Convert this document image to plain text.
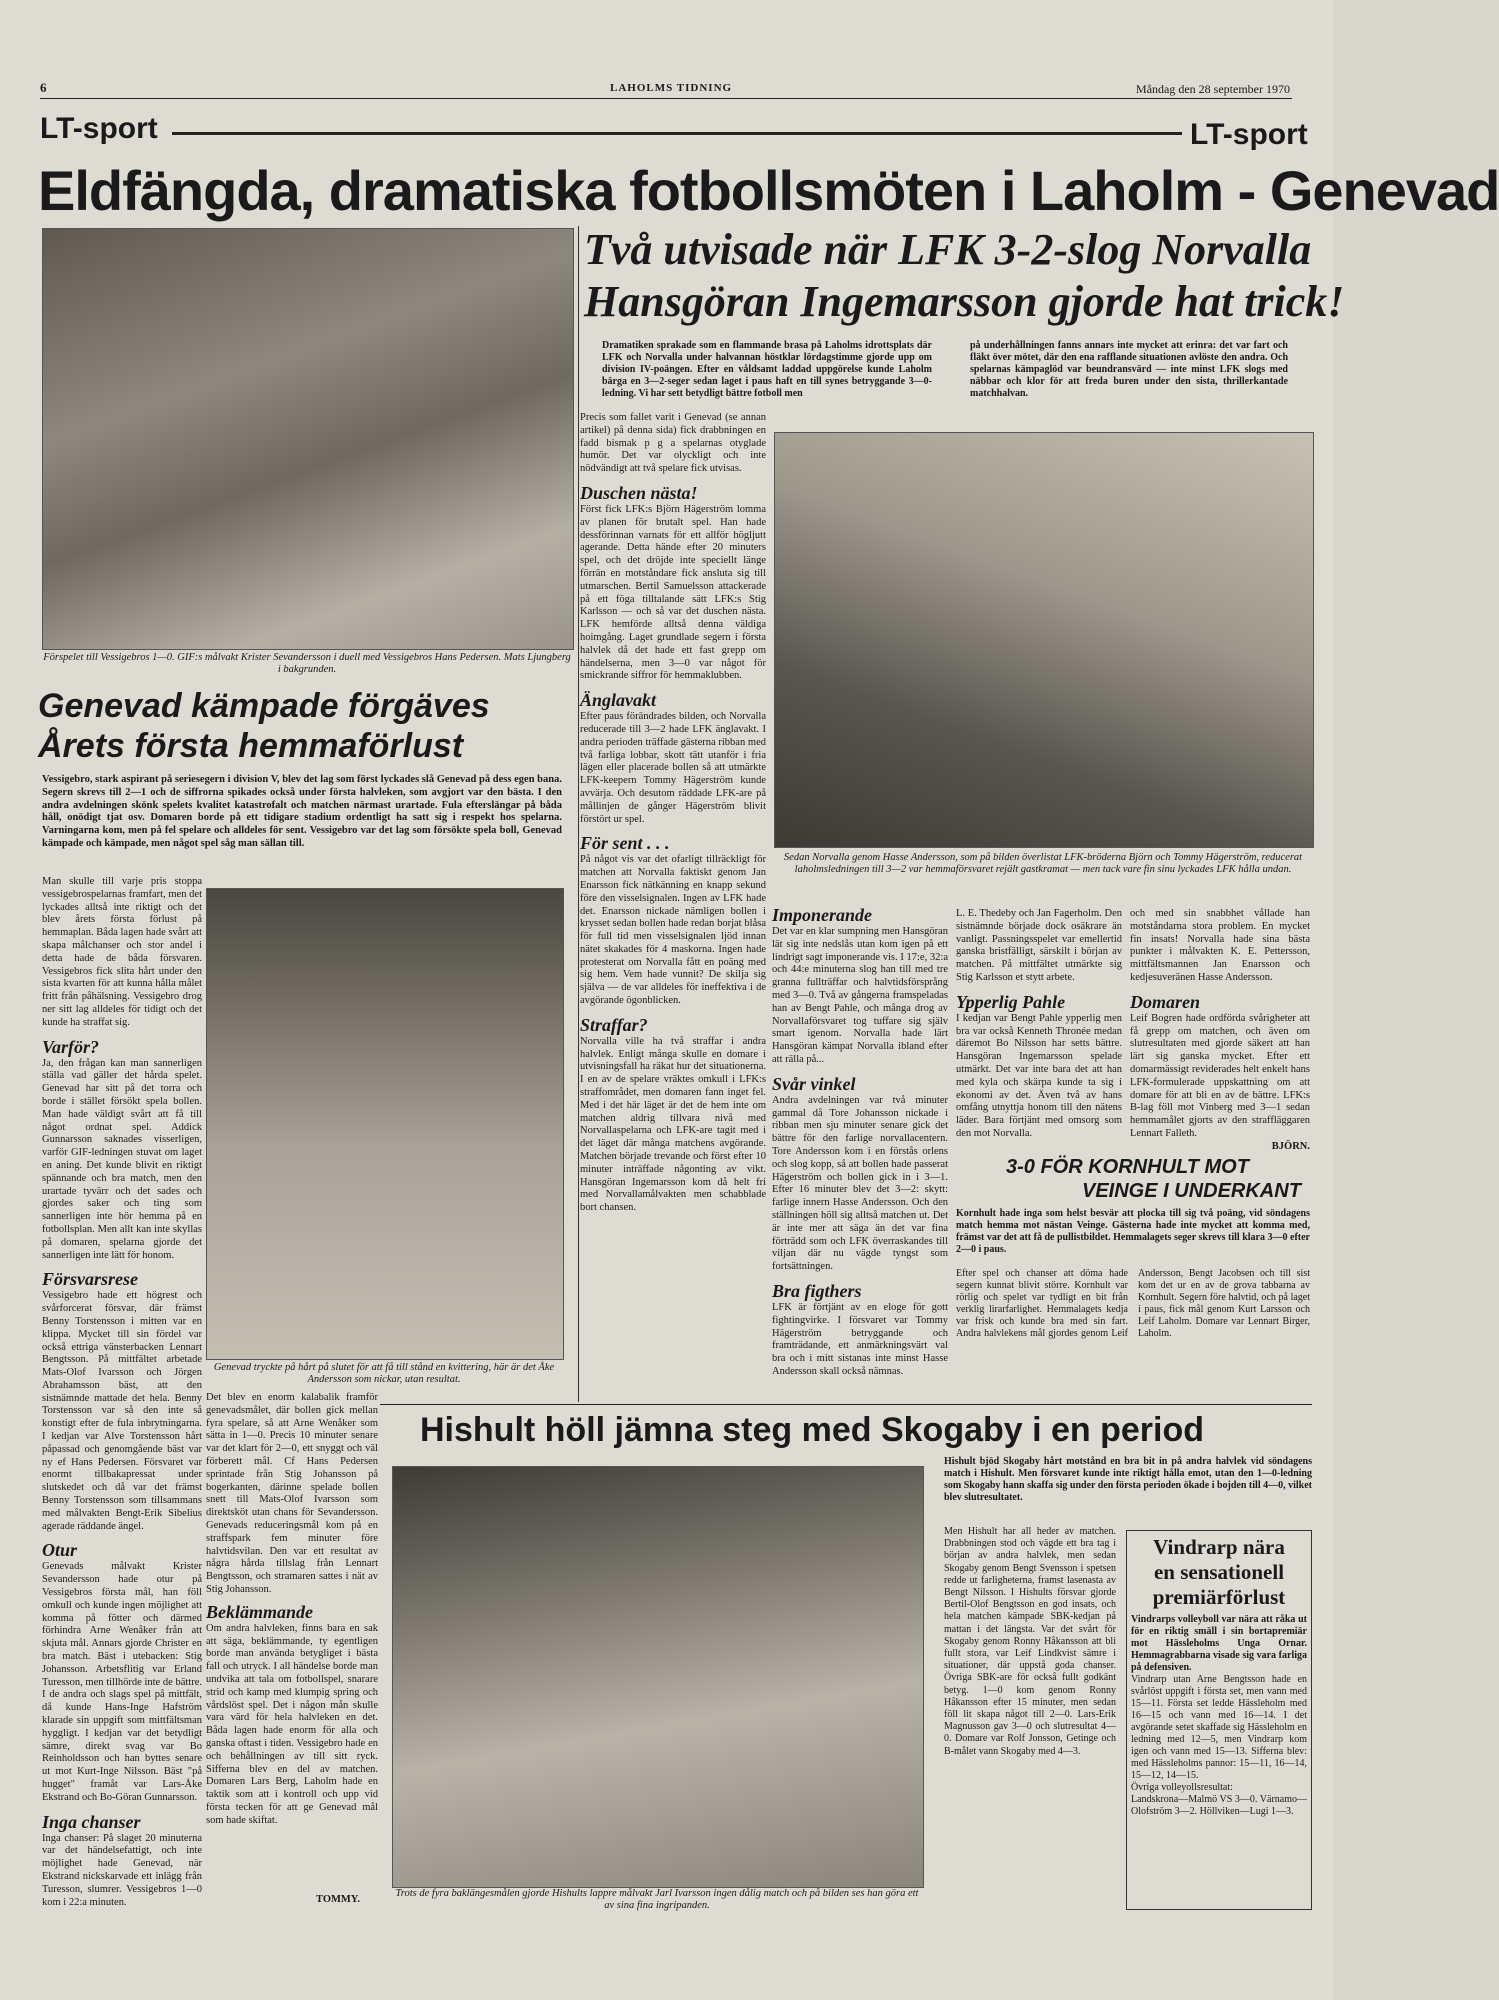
6	LAHOLMS TIDNING	Måndag den 28 september 1970
LT-sport	LT-sport
Eldfängda, dramatiska fotbollsmöten i Laholm - Genevad
Förspelet till Vessigebros 1—0. GIF:s målvakt Krister Sevandersson i duell med Vessigebros Hans Pedersen. Mats Ljungberg i bakgrunden.
Genevad kämpade förgäves
Årets första hemmaförlust
Vessigebro, stark aspirant på seriesegern i division V, blev det lag som först lyckades slå Genevad på dess egen bana. Segern skrevs till 2—1 och de siffrorna spikades också under första halvleken, som avgjort var den bästa. I den andra avdelningen skönk spelets kvalitet katastrofalt och matchen närmast urartade. Fula efterslängar på båda håll, onödigt tjat osv. Domaren borde på ett tidigare stadium ordentligt ha satt sig i respekt hos spelarna. Varningarna kom, men på fel spelare och alldeles för sent. Vessigebro var det lag som försökte spela boll, Genevad kämpade och kämpade, men något spel såg man sällan till.
Man skulle till varje pris stoppa vessigebrospelarnas framfart, men det lyckades alltså inte riktigt och det blev årets första förlust på hemmaplan. Båda lagen hade svårt att skapa målchanser och stor andel i detta hade de båda försvaren. Vessigebros fick slita hårt under den sista kvarten för att kunna hålla målet fritt från påhälsning. Vessigebro drog ner sitt lag alldeles för tidigt och det kunde ha straffat sig.
Varför?
Ja, den frågan kan man sannerligen ställa vad gäller det hårda spelet. Genevad har sitt på det torra och borde i stället försökt spela bollen. Man hade väldigt svårt att få till något ordnat spel. Addick Gunnarsson saknades visserligen, varför GIF-ledningen stuvat om laget en aning. Det kunde blivit en riktigt spännande och bra match, men den urartade tyvärr och det sades och gjordes saker och ting som sannerligen inte hör hemma på en fotbollsplan. Men allt kan inte skyllas på domaren, spelarna gjorde det sannerligen inte lätt för honom.
Försvarsrese
Vessigebro hade ett högrest och svårforcerat försvar, där främst Benny Torstensson i mitten var en klippa. Mycket till sin fördel var också ettriga vänsterbacken Lennart Bengtsson. På mittfältet arbetade Mats-Olof Ivarsson och Jörgen Abrahamsson bäst, att den sistnämnde mattade det hela. Benny Torstensson var så den inte så konstigt efter de fula inbrytningarna. I kedjan var Alve Torstensson hårt påpassad och genomgående bäst var ny ef Hans Pedersen. Försvaret var enormt tillbakapressat under slutskedet och då var det främst Benny Torstensson som tillsammans med målvakten Bengt-Erik Sibelius agerade räddande ängel.
Otur
Genevads målvakt Krister Sevandersson hade otur på Vessigebros första mål, han föll omkull och kunde ingen möjlighet att komma på fötter och därmed förhindra Arne Wenåker från att skjuta mål. Annars gjorde Christer en bra match. Bäst i utebacken: Stig Johansson. Arbetsflitig var Erland Turesson, men tillhörde inte de bättre. I de andra och slags spel på mittfält, då kunde Hans-Inge Hafström klarade sin uppgift som mittfältsman hyggligt. I kedjan var det betydligt sämre, direkt svag var Bo Reinholdsson och han byttes senare ut mot Kurt-Inge Nilsson. Bäst "på hugget" framåt var Lars-Åke Ekstrand och Bo-Göran Gunnarsson.
Inga chanser
Inga chanser: På slaget 20 minuterna var det händelsefattigt, och inte möjlighet hade Genevad, när Ekstrand nickskarvade ett inlägg från Turesson, slumrer. Vessigebros 1—0 kom i 22:a minuten.
Genevad tryckte på hårt på slutet för att få till stånd en kvittering, här är det Åke Andersson som nickar, utan resultat.
Det blev en enorm kalabalik framför genevadsmålet, där bollen gick mellan fyra spelare, så att Arne Wenåker som sätta in 1—0. Precis 10 minuter senare var det klart för 2—0, ett snyggt och väl förberett mål. Cf Hans Pedersen sprintade från Stig Johansson på bogerkanten, därinne spelade bollen snett till Mats-Olof Ivarsson som direktsköt utan chans för Sevandersson. Genevads reduceringsmål kom på en straffspark fem minuter före halvtidsvilan. Den var ett resultat av några hårda tillslag från Lennart Bengtsson, och stramaren sattes i nät av Stig Johansson.
Beklämmande
Om andra halvleken, finns bara en sak att säga, beklämmande, ty egentligen borde man använda betygliget i bästa fall och utryck. I all händelse borde man undvika att tala om fotbollspel, snarare strid och kamp med klumpig spring och vårdslöst spel. Det i någon mån skulle vara värd för hela halvleken en det. Båda lagen hade enorm för alla och ganska oftast i tiden. Vessigebro hade en och behållningen av till sitt ryck. Sifferna blev en del av matchen. Domaren Lars Berg, Laholm hade en taktik som att i kontroll och upp vid första tecken för att ge Genevad mål som hade skiftat.
TOMMY.
Två utvisade när LFK 3-2-slog Norvalla
Hansgöran Ingemarsson gjorde hat trick!
Dramatiken sprakade som en flammande brasa på Laholms idrottsplats där LFK och Norvalla under halvannan höstklar lördagstimme gjorde upp om division IV-poängen. Efter en våldsamt laddad uppgörelse kunde Laholm bärga en 3—2-seger sedan laget i paus haft en till synes betryggande 3—0-ledning. Vi har sett betydligt bättre fotboll men
på underhållningen fanns annars inte mycket att erinra: det var fart och fläkt över mötet, där den ena rafflande situationen avlöste den andra. Och spelarnas kämpaglöd var beundransvärd — inte minst LFK slogs med näbbar och klor för att freda buren under den sista, thrillerkantade matchhalvan.
Precis som fallet varit i Genevad (se annan artikel) på denna sida) fick drabbningen en fadd bismak p g a spelarnas otyglade humör. Det var olyckligt och inte nödvändigt att två spelare fick utvisas.
Duschen nästa!
Först fick LFK:s Björn Hägerström lomma av planen för brutalt spel. Han hade dessförinnan varnats för ett allför högljutt agerande. Detta hände efter 20 minuters spel, och det dröjde inte speciellt länge förrän en motståndare fick ansluta sig till utmarschen. Bertil Samuelsson attackerade på ett föga tilltalande sätt LFK:s Stig Karlsson — och så var det duschen nästa. LFK hemförde alltså denna väldiga hoimgång. Laget grundlade segern i första halvlek då det hade ett fast grepp om händelserna, men 3—0 var något för smickrande siffror för hemmaklubben.
Änglavakt
Efter paus förändrades bilden, och Norvalla reducerade till 3—2 hade LFK änglavakt. I andra perioden träffade gästerna ribban med två farliga lobbar, skott tätt utanför i fria lägen eller placerade bollen så att utmärkte LFK-keepern Tommy Hägerström kunde avvärja. Och desutom räddade LFK-are på mållinjen de gånger Hägerström blivit förstört ur spel.
För sent . . .
På något vis var det ofarligt tillräckligt för matchen att Norvalla faktiskt genom Jan Enarsson fick nätkänning en knapp sekund före den visselsignalen. Ingen av LFK hade det. Enarsson nickade nämligen bollen i krysset sedan bollen hade redan borjat blåsa för full tid men visselsignalen ljöd innan nätet skakades för 4 maskorna. Ingen hade protesterat om Norvalla fått en poäng med sig hem. Vem hade vunnit? De skilja sig själva — de var alldeles för ineffektiva i de avgörande ögonblicken.
Straffar?
Norvalla ville ha två straffar i andra halvlek. Enligt många skulle en domare i utvisningsfall ha räkat hur det situationerna. I en av de spelare vräktes omkull i LFK:s straffområdet, men domaren fann inget fel. Med i det här läget är det de hem inte om matchen aldrig tillvara nivå med Norvallaspelarna och LFK-are tagit med i det läget där många matchens avgörande. Matchen började trevande och först efter 10 minuter inträffade någonting av vikt. Hansgöran Ingemarsson kom då helt fri med Norvallamålvakten men schabblade bort chansen.
Sedan Norvalla genom Hasse Andersson, som på bilden överlistat LFK-brödernа Björn och Tommy Hägerström, reducerat laholmsledningen till 3—2 var hemmaförsvaret rejält gastkramat — men tack vare fin sinu lyckades LFK hålla undan.
Imponerande
Det var en klar sumpning men Hansgöran lät sig inte nedslås utan kom igen på ett lindrigt sagt imponerande vis. I 17:e, 32:a och 44:e minuterna slog han till med tre granna fullträffar och halvtidsförsprång med 3—0. Två av gångerna framspeladas han av Bengt Pahle, och många drog av Norvallaförsvaret tog tuffare sig själv smart igenom. Norvalla hade lärt Hansgöran kämpat Norvalla ibland efter att rälla på...
Svår vinkel
Andra avdelningen var två minuter gammal då Tore Johansson nickade i ribban men sju minuter senare gick det bättre för den farlige norvallacentern. Tore Andersson kom i en förstås orlens och slog kopp, så att bollen hade passerat Hägerström och bollen gick in i 3—1. Efter 16 minuter blev det 3—2: skytt: farlige innern Hasse Andersson. Och den ställningen höll sig alltså matchen ut. Det är inte mer att säga än det var fina förträdd som och LFK överraskandes till viljan där nu vägde tyngst som fortsättningen.
Bra figthers
LFK är förtjänt av en eloge för gott fightingvirke. I försvaret var Tommy Hägerström betryggande och framträdande, ett anmärkningsvärt val bra och i mitt sistanas inte minst Hasse Andersson skall också nämnas.
L. E. Thedeby och Jan Fagerholm. Den sistnämnde började dock osäkrare än vanligt. Passningsspelet var emellertid ganska bristfälligt, särskilt i början av matchen. På mittfältet utmärkte sig Stig Karlsson et stytt arbete.
Ypperlig Pahle
I kedjan var Bengt Pahle ypperlig men bra var också Kenneth Thronée medan däremot Bo Nilsson har setts bättre. Hansgöran Ingemarsson spelade utmärkt. Det var inte bara det att han med kyla och skärpa kunde ta sig i ekonomi av det. Även två av hans omfång utnyttja honom till den nätens läder. Bara förtjänt med omsorg som den mot Norvalla.
och med sin snabbhet vållade han motståndarna stora problem. En mycket fin insats! Norvalla hade sina bästa punkter i målvakten K. E. Pettersson, mittfältsmannen Jan Enarsson och kedjesuveränen Hasse Andersson.
Domaren
Leif Bogren hade ordförda svårigheter att få grepp om matchen, och även om slutresultaten med gjorde säkert att han lärt sig ganska mycket. Efter ett domarmässigt reviderades helt enkelt hans LFK-formulerade uppskattning om att domare för att bli en av de bättre. LFK:s B-lag föll mot Vinberg med 3—1 sedan hemmamålet gjorts av den straffläggaren Lennart Falleth.
BJÖRN.
3-0 FÖR KORNHULT MOT
VEINGE I UNDERKANT
Kornhult hade inga som helst besvär att plocka till sig två poäng, vid söndagens match hemma mot nästan Veinge. Gästerna hade inte mycket att komma med, främst var det att få de pullistbildet. Hemmalagets seger skrevs till klara 3—0 efter 2—0 i paus.
Efter spel och chanser att döma hade segern kunnat blivit större. Kornhult var rörlig och spelet var tydligt en bit från verklig lirarfarlighet. Hemmalagets kedja var frisk och kunde bra med sin fart. Andra halvlekens mål gjordes genom Leif Andersson, Bengt Jacobsen och till sist kom det ur en av de grova tabbarna av Kornhult. Segern före halvtid, och på laget i paus, fick mål genom Kurt Larsson och Leif Laholm. Domare var Lennart Birger, Laholm.
Hishult höll jämna steg med Skogaby i en period
Trots de fyra baklängesmålen gjorde Hishults lappre målvakt Jarl Ivarsson ingen dålig match och på bilden ses han göra ett av sina fina ingripanden.
Hishult bjöd Skogaby hårt motstånd en bra bit in på andra halvlek vid söndagens match i Hishult. Men försvaret kunde inte riktigt hålla emot, utan den 1—0-ledning som Skogaby hann skaffa sig under den första perioden ökade i bojden till 4—0, vilket blev slutresultatet.
Men Hishult har all heder av matchen. Drabbningen stod och vägde ett bra tag i början av andra halvlek, men sedan Skogaby genom Bengt Svensson i spetsen redde ut farligheterna, framst lasenasta av Bengt Nilsson. I Hishults försvar gjorde Bertil-Olof Bengtsson en god insats, och hela matchen kämpade SBK-kedjan på mattan i det längsta. Var det svårt för Skogaby genom Ronny Håkansson att bli fullt stora, var Leif Lindkvist sämre i situationer, där uppstå goda chanser. Övriga SBK-are för också fullt godkänt betyg. 1—0 kom genom Ronny Håkansson efter 15 minuter, men sedan föll lit skapa något till 2—0. Lars-Erik Magnusson gav 3—0 och slutresultat 4—0. Domare var Rolf Jonsson, Getinge och B-målet vann Skogaby med 4—3.
Vindrarp nära
en sensationell
premiärförlust
Vindrarps volleyboll var nära att råka ut för en riktig smäll i sin bortapremiär mot Hässleholms Unga Ornar. Hemmagrabbarna visade sig vara farliga på defensiven.
Vindrarp utan Arne Bengtsson hade en svårlöst uppgift i första set, men vann med 15—11. Första set ledde Hässleholm med 16—15 och vann med 16—14. I det avgörande setet skaffade sig Hässleholm en ledning med 12—5, men Vindrarp kom igen och vann med 15—13. Sifferna blev: med Hässleholms pannor: 15—11, 16—14, 15—12, 14—15.
Övriga volleyollsresultat:
Landskrona—Malmö VS 3—0. Värnamo—Olofström 3—2. Höllviken—Lugi 1—3.
